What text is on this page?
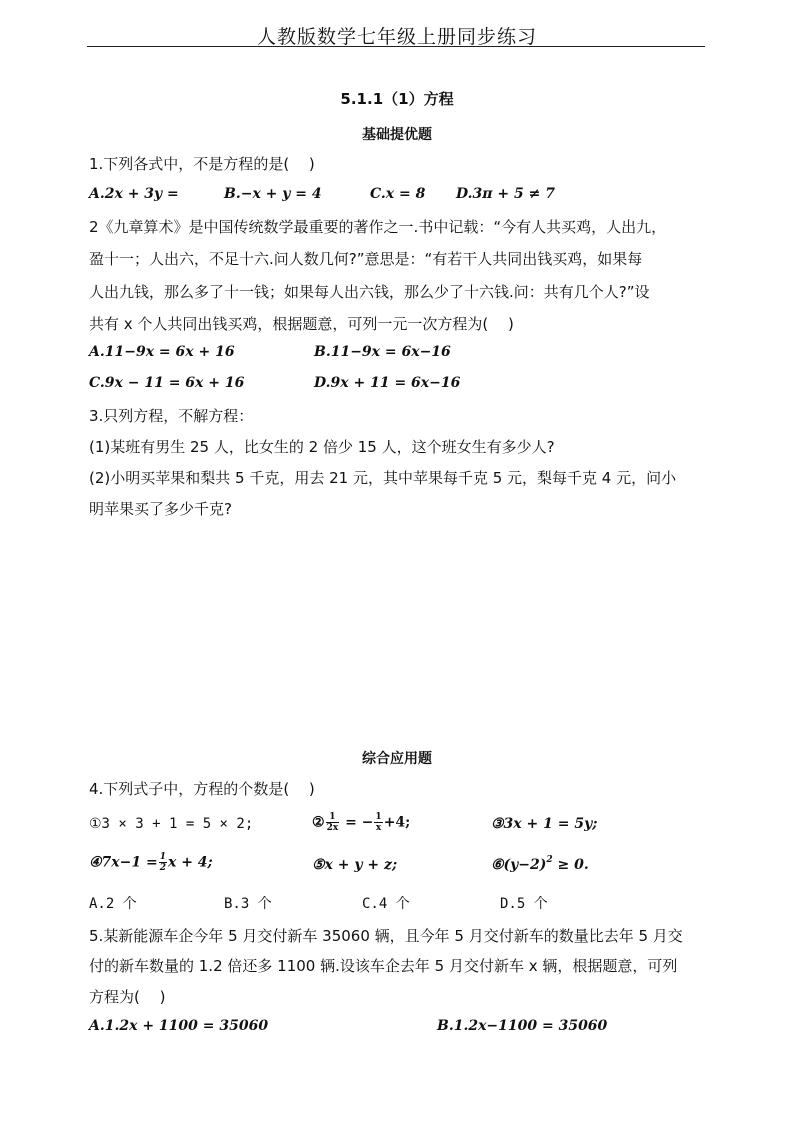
人教版数学七年级上册同步练习
5.1.1（1）方程
基础提优题
1.下列各式中，不是方程的是(　 )
A.2x + 3y =	B.−x + y = 4	C.x = 8 D.3π + 5 ≠ 7
2《九章算术》是中国传统数学最重要的著作之一.书中记载：“今有人共买鸡，人出九，
盈十一；人出六，不足十六.问人数几何?”意思是：“有若干人共同出钱买鸡，如果每
人出九钱，那么多了十一钱；如果每人出六钱，那么少了十六钱.问：共有几个人?”设
共有 x 个人共同出钱买鸡，根据题意，可列一元一次方程为(　 )
A.11−9x = 6x + 16	B.11−9x = 6x−16
C.9x − 11 = 6x + 16	D.9x + 11 = 6x−16
3.只列方程，不解方程：
(1)某班有男生 25 人，比女生的 2 倍少 15 人，这个班女生有多少人?
(2)小明买苹果和梨共 5 千克，用去 21 元，其中苹果每千克 5 元，梨每千克 4 元，问小
明苹果买了多少千克?
综合应用题
4.下列式子中，方程的个数是(　 )
①3 × 3 + 1 = 5 × 2;	② $\frac{1}{2x}$ = − $\frac{1}{x} +4$;	③3x + 1 = 5y;
④7x−1 = $\frac{1}{2}$ x + 4;	⑤x + y + z;	$⑥(y-2)^2 \ge 0$.
A.2 个	B.3 个	C.4 个	D.5 个
5.某新能源车企今年 5 月交付新车 35060 辆，且今年 5 月交付新车的数量比去年 5 月交
付的新车数量的 1.2 倍还多 1100 辆.设该车企去年 5 月交付新车 x 辆，根据题意，可列
方程为(　 )
A.1.2x + 1100 = 35060	B.1.2x−1100 = 35060
